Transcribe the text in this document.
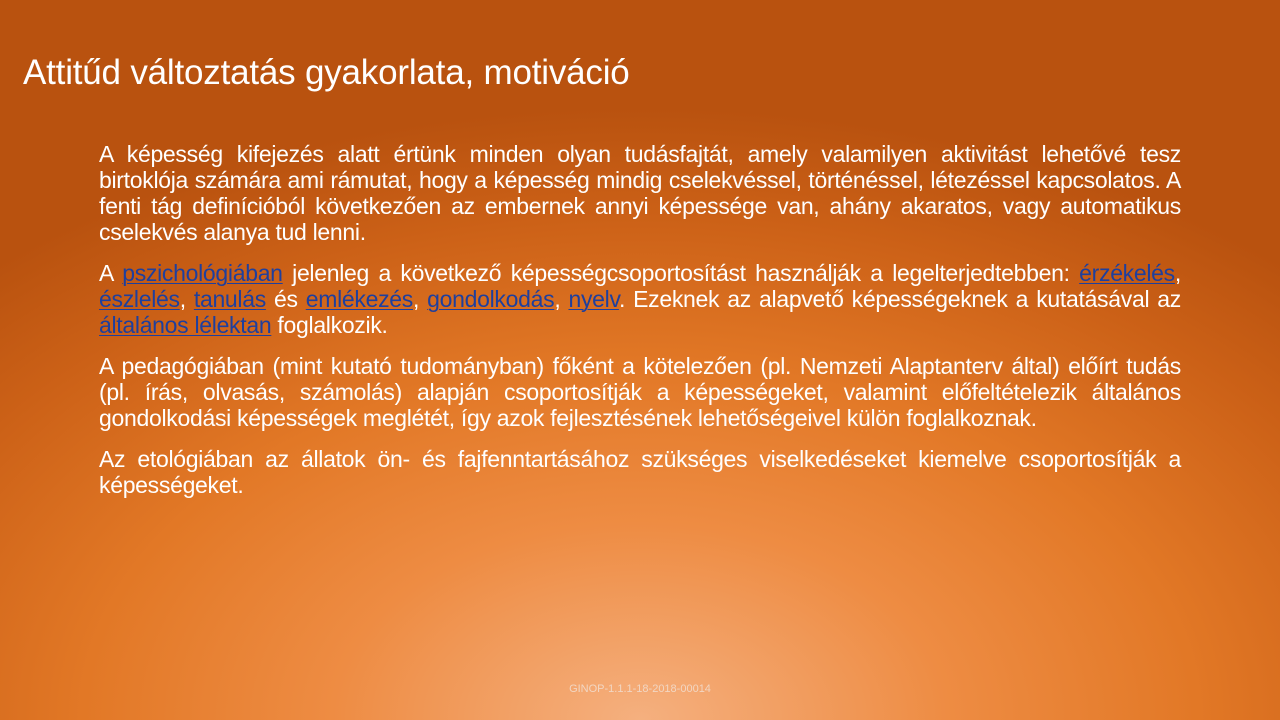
Attitűd változtatás gyakorlata, motiváció

A képesség kifejezés alatt értünk minden olyan tudásfajtát, amely valamilyen aktivitást lehetővé tesz birtoklója számára ami rámutat, hogy a képesség mindig cselekvéssel, történéssel, létezéssel kapcsolatos. A fenti tág definícióból következően az embernek annyi képessége van, ahány akaratos, vagy automatikus cselekvés alanya tud lenni.

A pszichológiában jelenleg a következő képességcsoportosítást használják a legelterjedtebben: érzékelés, észlelés, tanulás és emlékezés, gondolkodás, nyelv. Ezeknek az alapvető képességeknek a kutatásával az általános lélektan foglalkozik.

A pedagógiában (mint kutató tudományban) főként a kötelezően (pl. Nemzeti Alaptanterv által) előírt tudás (pl. írás, olvasás, számolás) alapján csoportosítják a képességeket, valamint előfeltételezik általános gondolkodási képességek meglétét, így azok fejlesztésének lehetőségeivel külön foglalkoznak.

Az etológiában az állatok ön- és fajfenntartásához szükséges viselkedéseket kiemelve csoportosítják a képességeket.

GINOP-1.1.1-18-2018-00014
